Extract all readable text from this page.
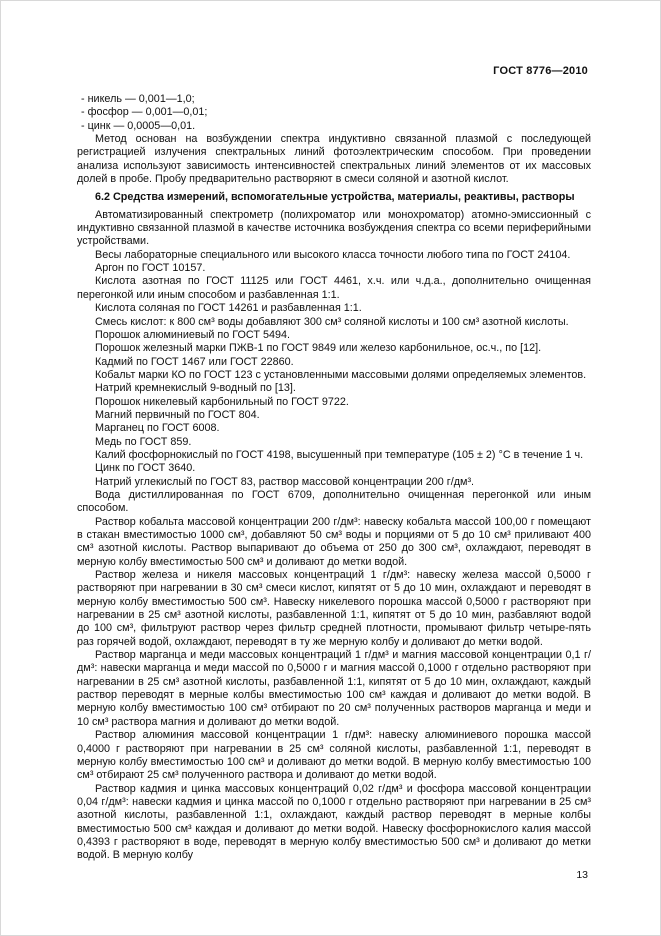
ГОСТ 8776—2010

- никель — 0,001—1,0;

- фосфор — 0,001—0,01;

- цинк — 0,0005—0,01.

Метод основан на возбуждении спектра индуктивно связанной плазмой с последующей регистрацией излучения спектральных линий фотоэлектрическим способом. При проведении анализа используют зависимость интенсивностей спектральных линий элементов от их массовых долей в пробе. Пробу предварительно растворяют в смеси соляной и азотной кислот.

6.2 Средства измерений, вспомогательные устройства, материалы, реактивы, растворы

Автоматизированный спектрометр (полихроматор или монохроматор) атомно-эмиссионный с индуктивно связанной плазмой в качестве источника возбуждения спектра со всеми периферийными устройствами.

Весы лабораторные специального или высокого класса точности любого типа по ГОСТ 24104.

Аргон по ГОСТ 10157.

Кислота азотная по ГОСТ 11125 или ГОСТ 4461, х.ч. или ч.д.а., дополнительно очищенная перегонкой или иным способом и разбавленная 1:1.

Кислота соляная по ГОСТ 14261 и разбавленная 1:1.

Смесь кислот: к 800 см³ воды добавляют 300 см³ соляной кислоты и 100 см³ азотной кислоты.

Порошок алюминиевый по ГОСТ 5494.

Порошок железный марки ПЖВ-1 по ГОСТ 9849 или железо карбонильное, ос.ч., по [12].

Кадмий по ГОСТ 1467 или ГОСТ 22860.

Кобальт марки КО по ГОСТ 123 с установленными массовыми долями определяемых элементов.

Натрий кремнекислый 9-водный по [13].

Порошок никелевый карбонильный по ГОСТ 9722.

Магний первичный по ГОСТ 804.

Марганец по ГОСТ 6008.

Медь по ГОСТ 859.

Калий фосфорнокислый по ГОСТ 4198, высушенный при температуре (105 ± 2) °С в течение 1 ч.

Цинк по ГОСТ 3640.

Натрий углекислый по ГОСТ 83, раствор массовой концентрации 200 г/дм³.

Вода дистиллированная по ГОСТ 6709, дополнительно очищенная перегонкой или иным способом.

Раствор кобальта массовой концентрации 200 г/дм³: навеску кобальта массой 100,00 г помещают в стакан вместимостью 1000 см³, добавляют 50 см³ воды и порциями от 5 до 10 см³ приливают 400 см³ азотной кислоты. Раствор выпаривают до объема от 250 до 300 см³, охлаждают, переводят в мерную колбу вместимостью 500 см³ и доливают до метки водой.

Раствор железа и никеля массовых концентраций 1 г/дм³: навеску железа массой 0,5000 г растворяют при нагревании в 30 см³ смеси кислот, кипятят от 5 до 10 мин, охлаждают и переводят в мерную колбу вместимостью 500 см³. Навеску никелевого порошка массой 0,5000 г растворяют при нагревании в 25 см³ азотной кислоты, разбавленной 1:1, кипятят от 5 до 10 мин, разбавляют водой до 100 см³, фильтруют раствор через фильтр средней плотности, промывают фильтр четыре-пять раз горячей водой, охлаждают, переводят в ту же мерную колбу и доливают до метки водой.

Раствор марганца и меди массовых концентраций 1 г/дм³ и магния массовой концентрации 0,1 г/дм³: навески марганца и меди массой по 0,5000 г и магния массой 0,1000 г отдельно растворяют при нагревании в 25 см³ азотной кислоты, разбавленной 1:1, кипятят от 5 до 10 мин, охлаждают, каждый раствор переводят в мерные колбы вместимостью 100 см³ каждая и доливают до метки водой. В мерную колбу вместимостью 100 см³ отбирают по 20 см³ полученных растворов марганца и меди и 10 см³ раствора магния и доливают до метки водой.

Раствор алюминия массовой концентрации 1 г/дм³: навеску алюминиевого порошка массой 0,4000 г растворяют при нагревании в 25 см³ соляной кислоты, разбавленной 1:1, переводят в мерную колбу вместимостью 100 см³ и доливают до метки водой. В мерную колбу вместимостью 100 см³ отбирают 25 см³ полученного раствора и доливают до метки водой.

Раствор кадмия и цинка массовых концентраций 0,02 г/дм³ и фосфора массовой концентрации 0,04 г/дм³: навески кадмия и цинка массой по 0,1000 г отдельно растворяют при нагревании в 25 см³ азотной кислоты, разбавленной 1:1, охлаждают, каждый раствор переводят в мерные колбы вместимостью 500 см³ каждая и доливают до метки водой. Навеску фосфорнокислого калия массой 0,4393 г растворяют в воде, переводят в мерную колбу вместимостью 500 см³ и доливают до метки водой. В мерную колбу

13
